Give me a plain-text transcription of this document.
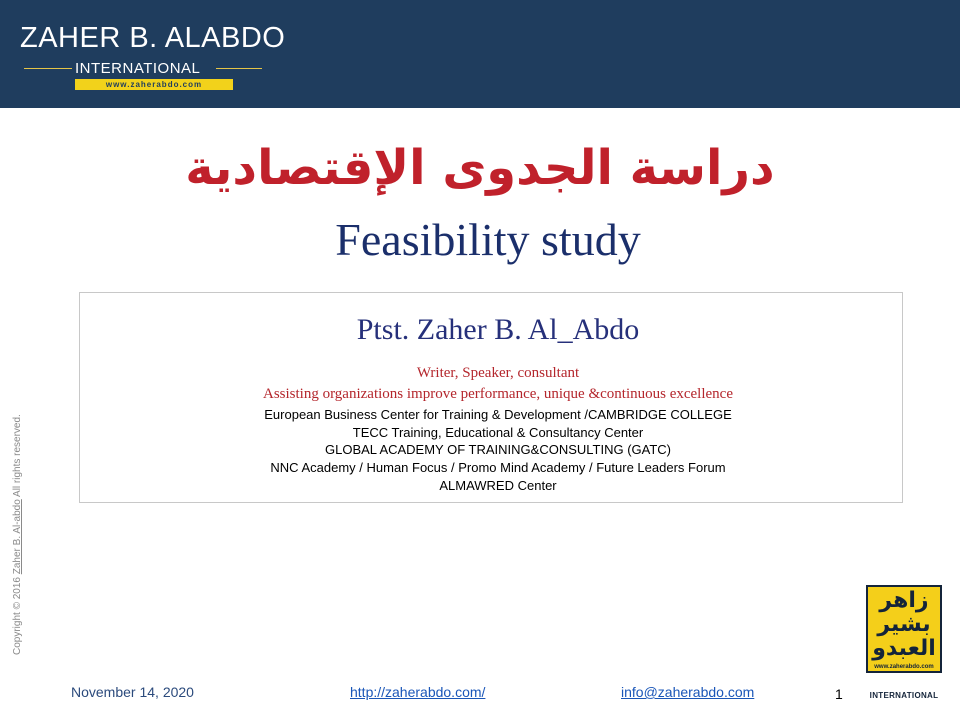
ZAHER B. ALABDO
INTERNATIONAL
www.zaherabdo.com
دراسة الجدوى الإقتصادية
Feasibility study
Ptst. Zaher B. Al_Abdo
Writer, Speaker, consultant
Assisting organizations improve performance, unique &continuous excellence
European Business Center for Training & Development /CAMBRIDGE COLLEGE
TECC Training, Educational & Consultancy Center
GLOBAL ACADEMY OF TRAINING&CONSULTING (GATC)
NNC Academy / Human Focus / Promo Mind Academy / Future Leaders Forum
ALMAWRED Center
Copyright © 2016 Zaher B. Al-abdo All rights reserved.
November 14, 2020	http://zaherabdo.com/	info@zaherabdo.com	1
زاهر بشير العبدو
www.zaherabdo.com
INTERNATIONAL
